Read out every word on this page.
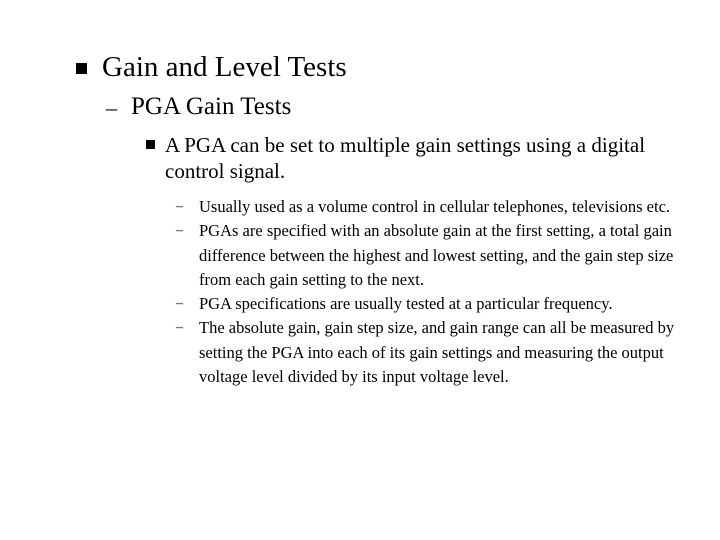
Gain and Level Tests
– PGA Gain Tests
A PGA can be set to multiple gain settings using a digital control signal.
– Usually used as a volume control in cellular telephones, televisions etc.
– PGAs are specified with an absolute gain at the first setting, a total gain difference between the highest and lowest setting, and the gain step size from each gain setting to the next.
– PGA specifications are usually tested at a particular frequency.
– The absolute gain, gain step size, and gain range can all be measured by setting the PGA into each of its gain settings and measuring the output voltage level divided by its input voltage level.
